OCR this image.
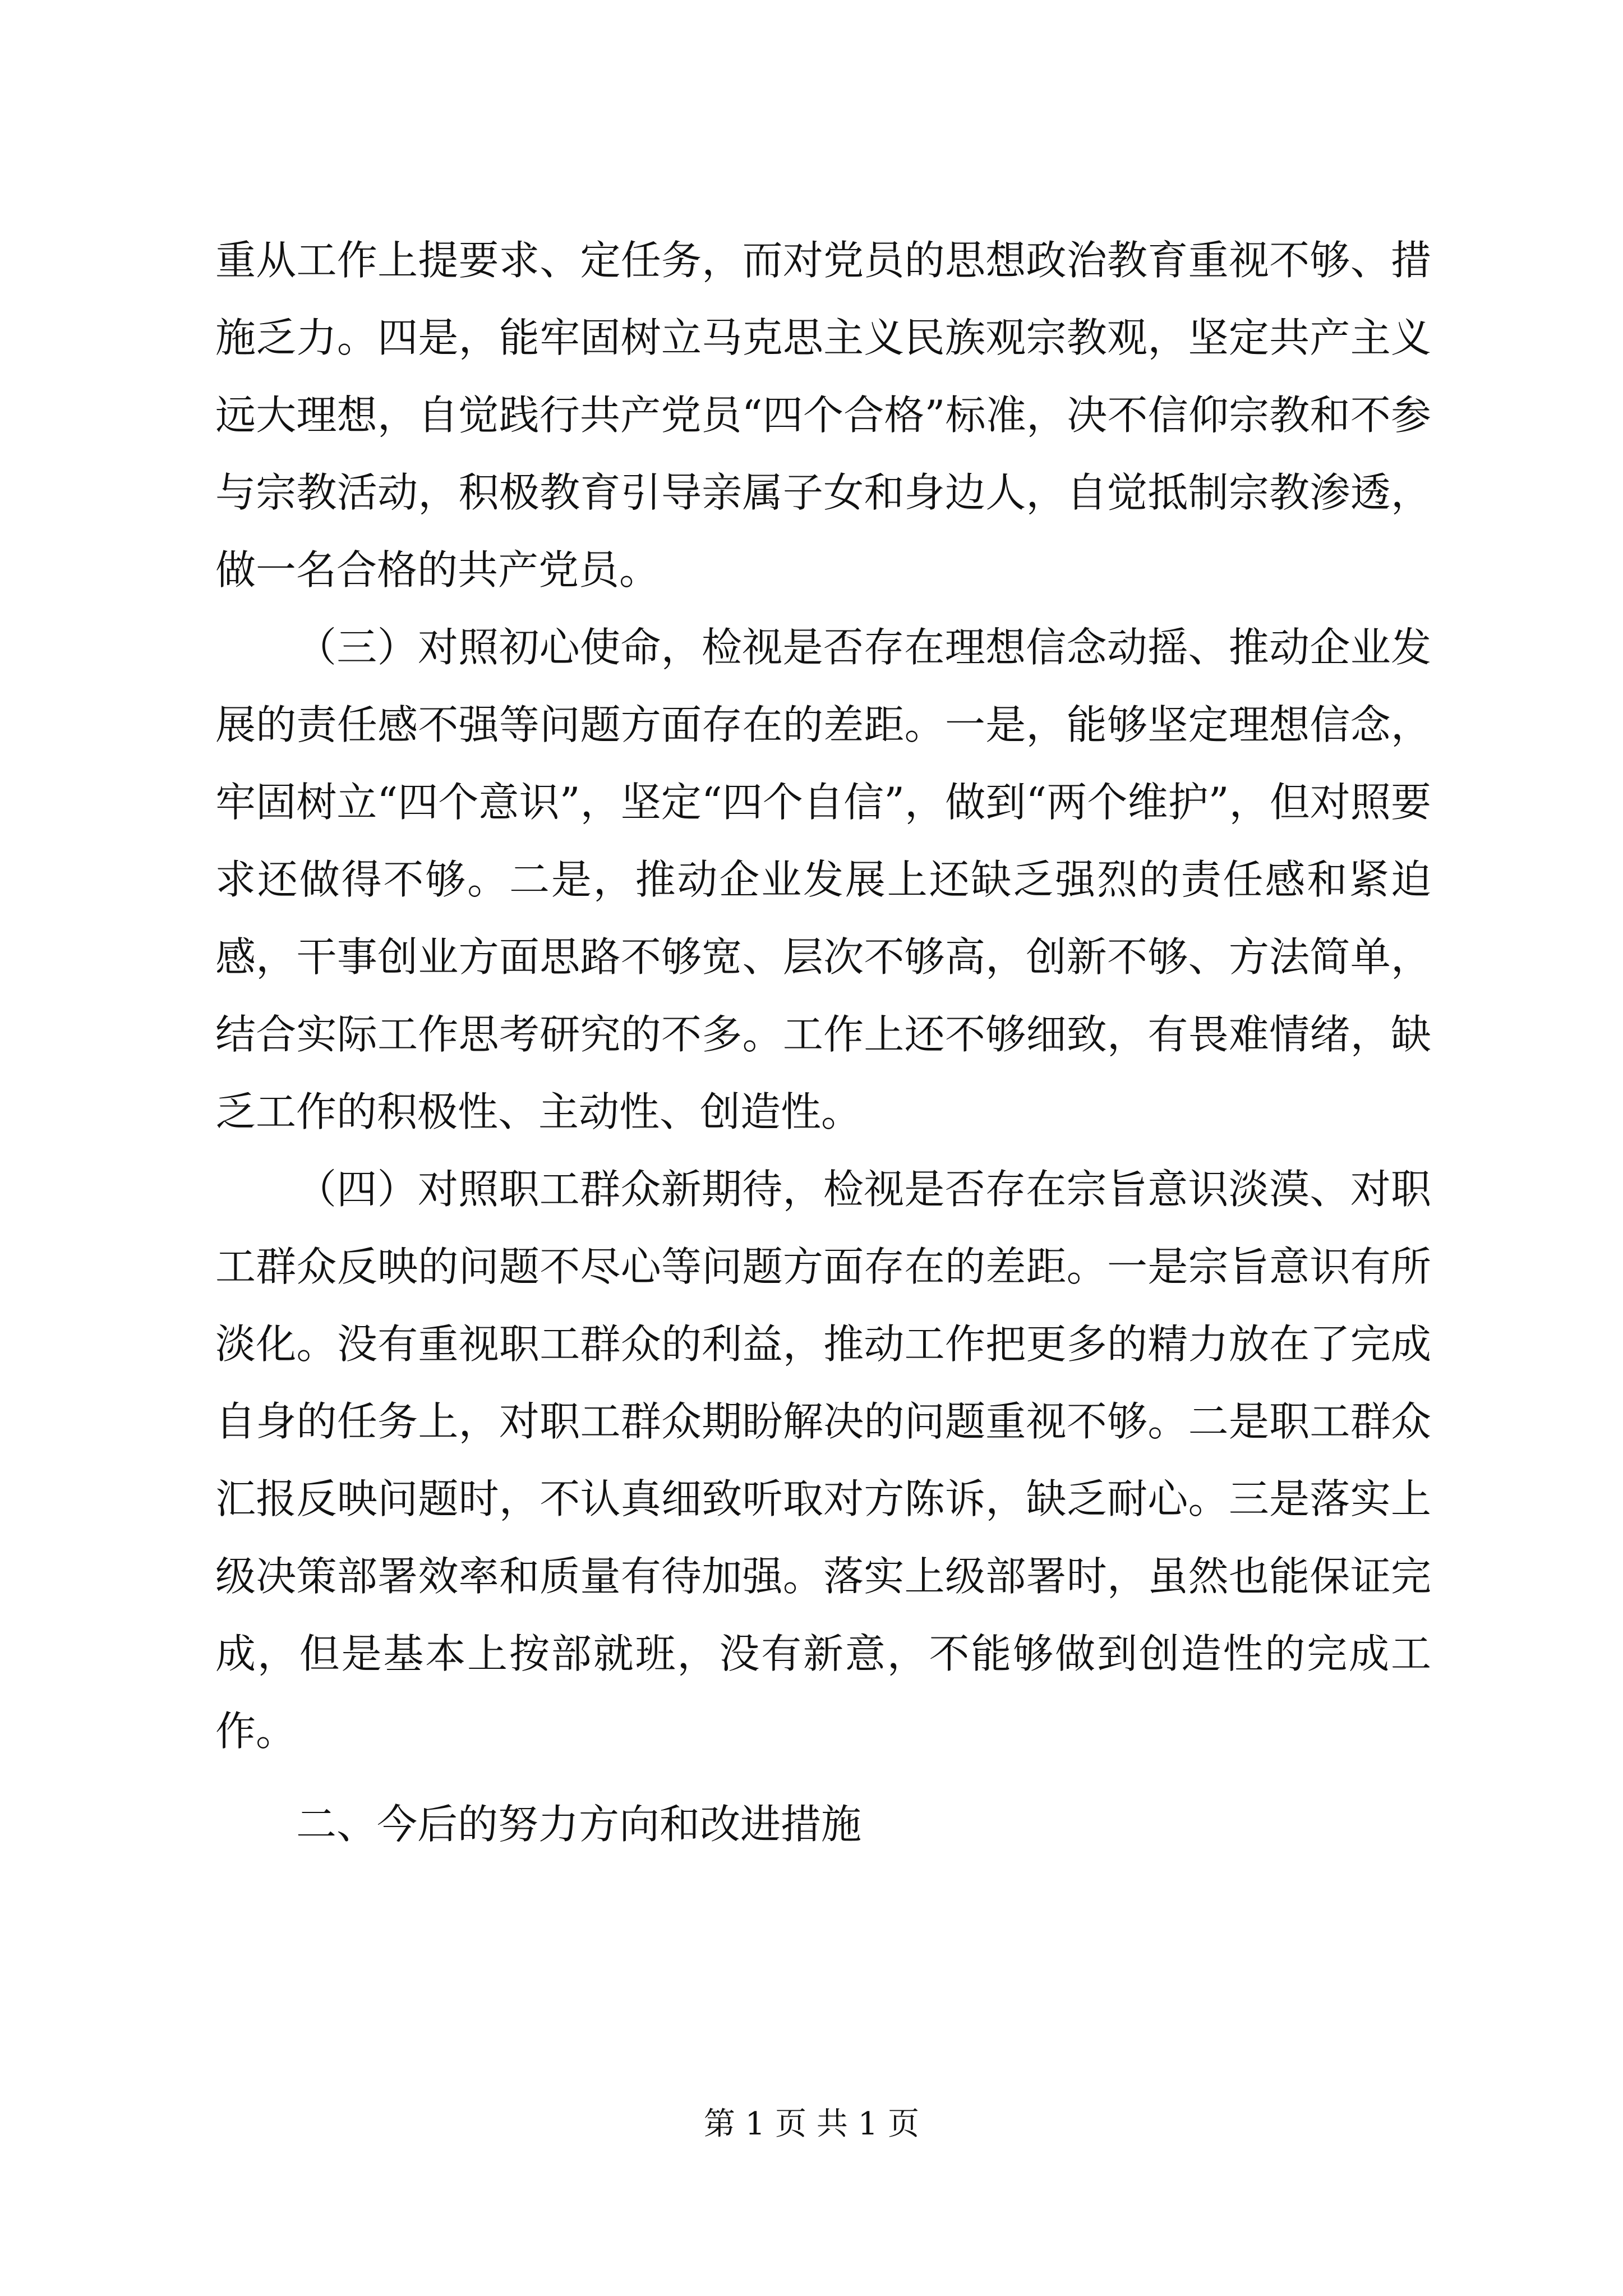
重从工作上提要求、定任务，而对党员的思想政治教育重视不够、措施乏力。四是，能牢固树立马克思主义民族观宗教观，坚定共产主义远大理想，自觉践行共产党员“四个合格”标准，决不信仰宗教和不参与宗教活动，积极教育引导亲属子女和身边人，自觉抵制宗教渗透，做一名合格的共产党员。

（三）对照初心使命，检视是否存在理想信念动摇、推动企业发展的责任感不强等问题方面存在的差距。一是，能够坚定理想信念，牢固树立“四个意识”，坚定“四个自信”，做到“两个维护”，但对照要求还做得不够。二是，推动企业发展上还缺乏强烈的责任感和紧迫感，干事创业方面思路不够宽、层次不够高，创新不够、方法简单，结合实际工作思考研究的不多。工作上还不够细致，有畏难情绪，缺乏工作的积极性、主动性、创造性。

（四）对照职工群众新期待，检视是否存在宗旨意识淡漠、对职工群众反映的问题不尽心等问题方面存在的差距。一是宗旨意识有所淡化。没有重视职工群众的利益，推动工作把更多的精力放在了完成自身的任务上，对职工群众期盼解决的问题重视不够。二是职工群众汇报反映问题时，不认真细致听取对方陈诉，缺乏耐心。三是落实上级决策部署效率和质量有待加强。落实上级部署时，虽然也能保证完成，但是基本上按部就班，没有新意，不能够做到创造性的完成工作。

二、今后的努力方向和改进措施

第 1 页 共 1 页
